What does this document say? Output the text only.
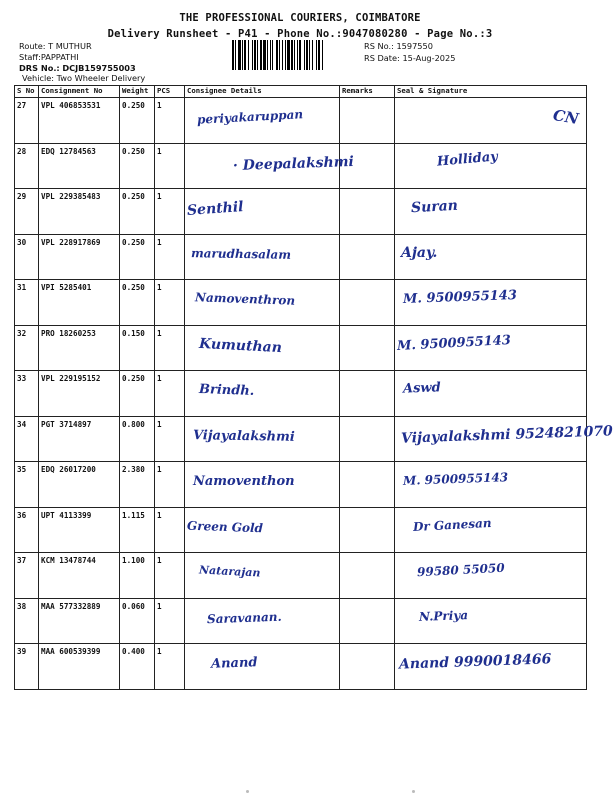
THE PROFESSIONAL COURIERS, COIMBATORE
Delivery Runsheet - P41 - Phone No.:9047080280 - Page No.:3
Route: T MUTHUR
Staff:PAPPATHI
DRS No.: DCJB159755003
Vehicle: Two Wheeler Delivery
RS No.: 1597550
RS Date: 15-Aug-2025
S No	Consignment No	Weight	PCS	Consignee Details	Remarks	Seal & Signature
27	VPL 406853531	0.250	1	periyakaruppan		CN

28	EDQ 12784563	0.250	1	· Deepalakshmi		Holliday

29	VPL 229385483	0.250	1	Senthil		Suran

30	VPL 228917869	0.250	1	marudhasalam		Ajay.

31	VPI 5285401	0.250	1	Namoventhron		M. 9500955143

32	PRO 18260253	0.150	1	Kumuthan		M. 9500955143

33	VPL 229195152	0.250	1	Brindh.		Aswd

34	PGT 3714897	0.800	1	Vijayalakshmi		Vijayalakshmi 9524821070

35	EDQ 26017200	2.380	1	Namoventhon		M. 9500955143

36	UPT 4113399	1.115	1	Green Gold		Dr Ganesan

37	KCM 13478744	1.100	1	Natarajan		99580 55050

38	MAA 577332889	0.060	1	Saravanan.		N.Priya

39	MAA 600539399	0.400	1	Anand		Anand 9990018466
